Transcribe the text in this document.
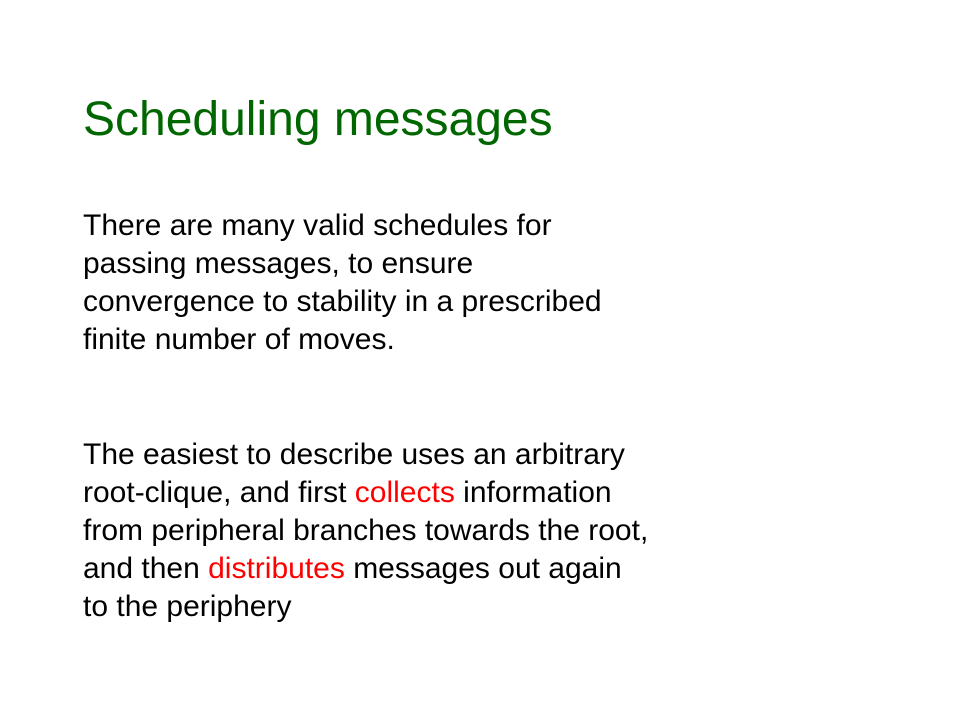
Scheduling messages

There are many valid schedules for
passing messages, to ensure
convergence to stability in a prescribed
finite number of moves.

The easiest to describe uses an arbitrary
root-clique, and first collects information
from peripheral branches towards the root,
and then distributes messages out again
to the periphery
